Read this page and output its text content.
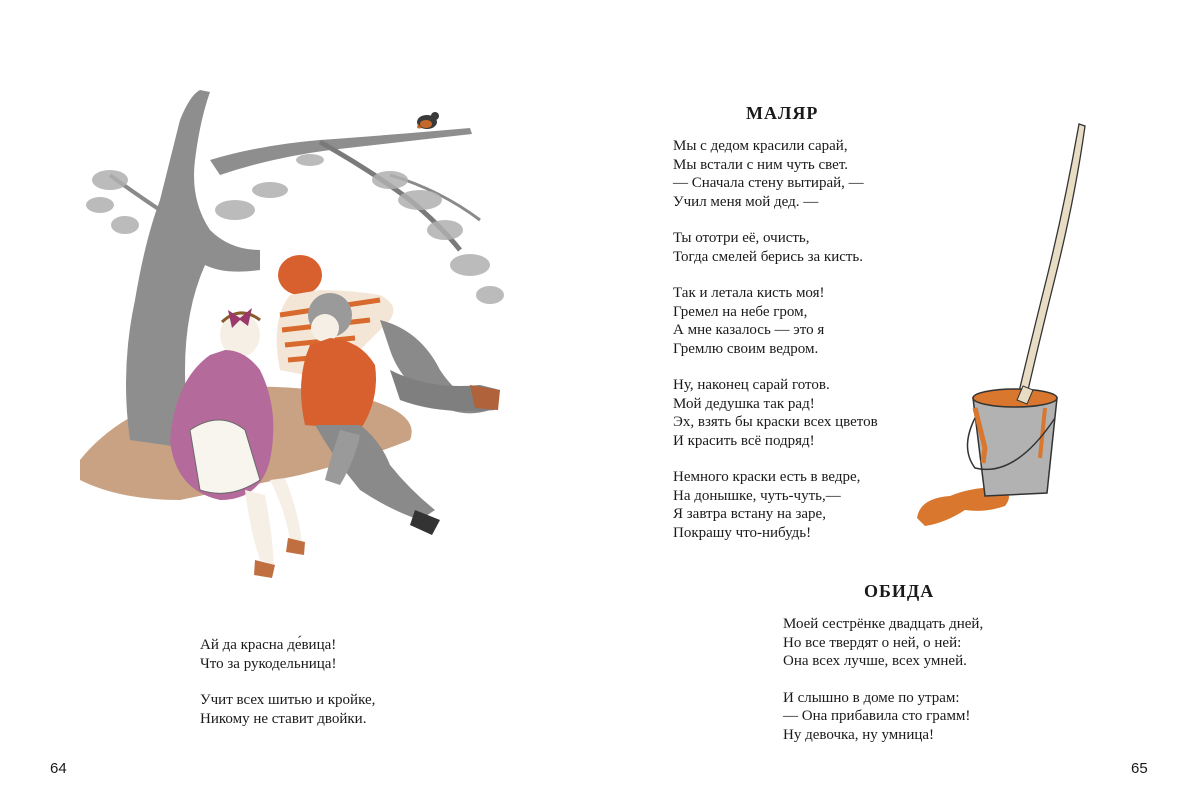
Ай да красна де́вица!
Что за рукодельница!
Учит всех шитью и кройке,
Никому не ставит двойки.
64
МАЛЯР
Мы с дедом красили сарай,
Мы встали с ним чуть свет.
— Сначала стену вытирай, —
Учил меня мой дед. —
Ты ототри её, очисть,
Тогда смелей берись за кисть.
Так и летала кисть моя!
Гремел на небе гром,
А мне казалось — это я
Гремлю своим ведром.
Ну, наконец сарай готов.
Мой дедушка так рад!
Эх, взять бы краски всех цветов
И красить всё подряд!
Немного краски есть в ведре,
На донышке, чуть-чуть,—
Я завтра встану на заре,
Покрашу что-нибудь!
ОБИДА
Моей сестрёнке двадцать дней,
Но все твердят о ней, о ней:
Она всех лучше, всех умней.
И слышно в доме по утрам:
— Она прибавила сто грамм!
Ну девочка, ну умница!
65
